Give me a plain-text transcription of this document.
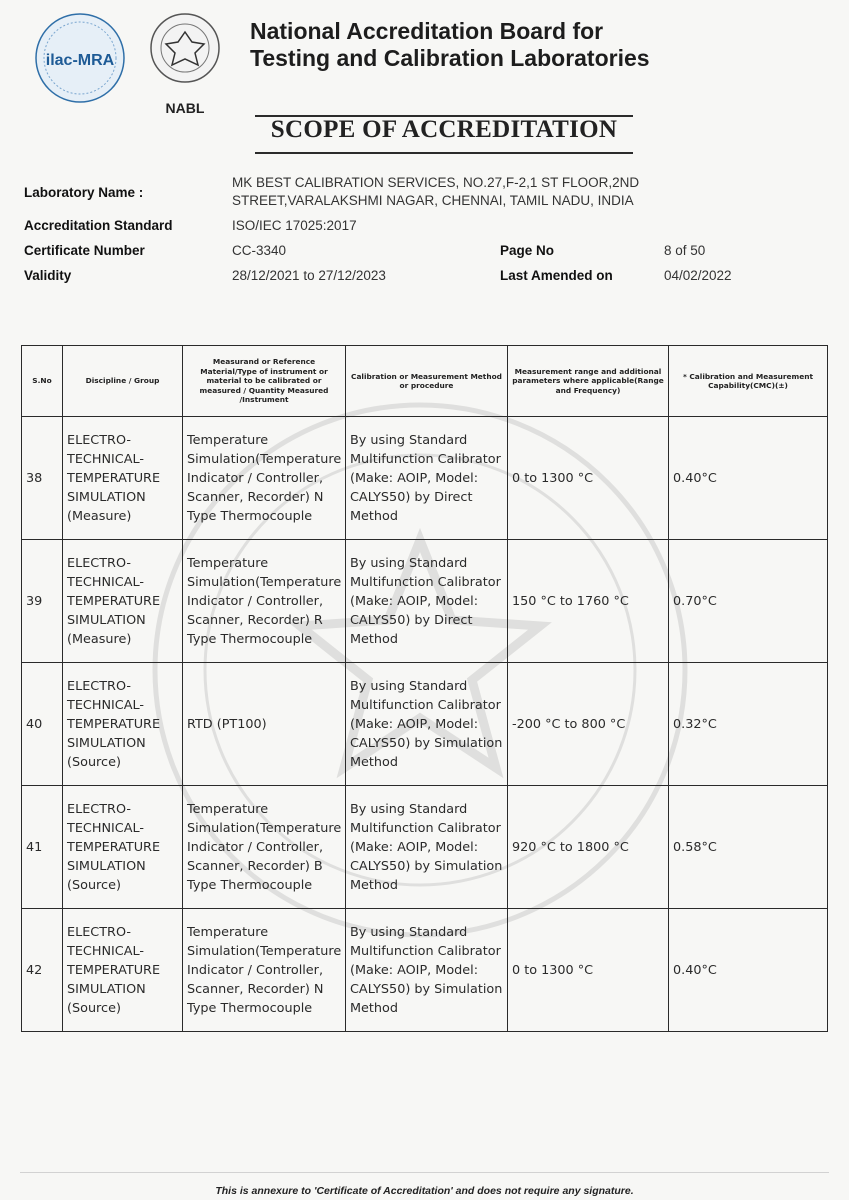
ilac-MRA
NABL
National Accreditation Board for
Testing and Calibration Laboratories
SCOPE OF ACCREDITATION
Laboratory Name :
MK BEST CALIBRATION SERVICES, NO.27,F-2,1 ST FLOOR,2ND
STREET,VARALAKSHMI NAGAR, CHENNAI, TAMIL NADU, INDIA
Accreditation Standard	ISO/IEC 17025:2017
Certificate Number	CC-3340	Page No	8 of 50
Validity	28/12/2021 to 27/12/2023	Last Amended on	04/02/2022
S.No	Discipline / Group	Measurand or Reference Material/Type of instrument or material to be calibrated or measured / Quantity Measured /Instrument	Calibration or Measurement Method or procedure	Measurement range and additional parameters where applicable(Range and Frequency)	* Calibration and Measurement Capability(CMC)(±)
38	ELECTRO-TECHNICAL-TEMPERATURE SIMULATION (Measure)	Temperature Simulation(Temperature Indicator / Controller, Scanner, Recorder) N Type Thermocouple	By using Standard Multifunction Calibrator (Make: AOIP, Model: CALYS50) by Direct Method	0 to 1300 °C	0.40°C
39	ELECTRO-TECHNICAL-TEMPERATURE SIMULATION (Measure)	Temperature Simulation(Temperature Indicator / Controller, Scanner, Recorder) R Type Thermocouple	By using Standard Multifunction Calibrator (Make: AOIP, Model: CALYS50) by Direct Method	150 °C to 1760 °C	0.70°C
40	ELECTRO-TECHNICAL-TEMPERATURE SIMULATION (Source)	RTD (PT100)	By using Standard Multifunction Calibrator (Make: AOIP, Model: CALYS50) by Simulation Method	-200 °C to 800 °C	0.32°C
41	ELECTRO-TECHNICAL-TEMPERATURE SIMULATION (Source)	Temperature Simulation(Temperature Indicator / Controller, Scanner, Recorder) B Type Thermocouple	By using Standard Multifunction Calibrator (Make: AOIP, Model: CALYS50) by Simulation Method	920 °C to 1800 °C	0.58°C
42	ELECTRO-TECHNICAL-TEMPERATURE SIMULATION (Source)	Temperature Simulation(Temperature Indicator / Controller, Scanner, Recorder) N Type Thermocouple	By using Standard Multifunction Calibrator (Make: AOIP, Model: CALYS50) by Simulation Method	0 to 1300 °C	0.40°C
This is annexure to 'Certificate of Accreditation' and does not require any signature.
